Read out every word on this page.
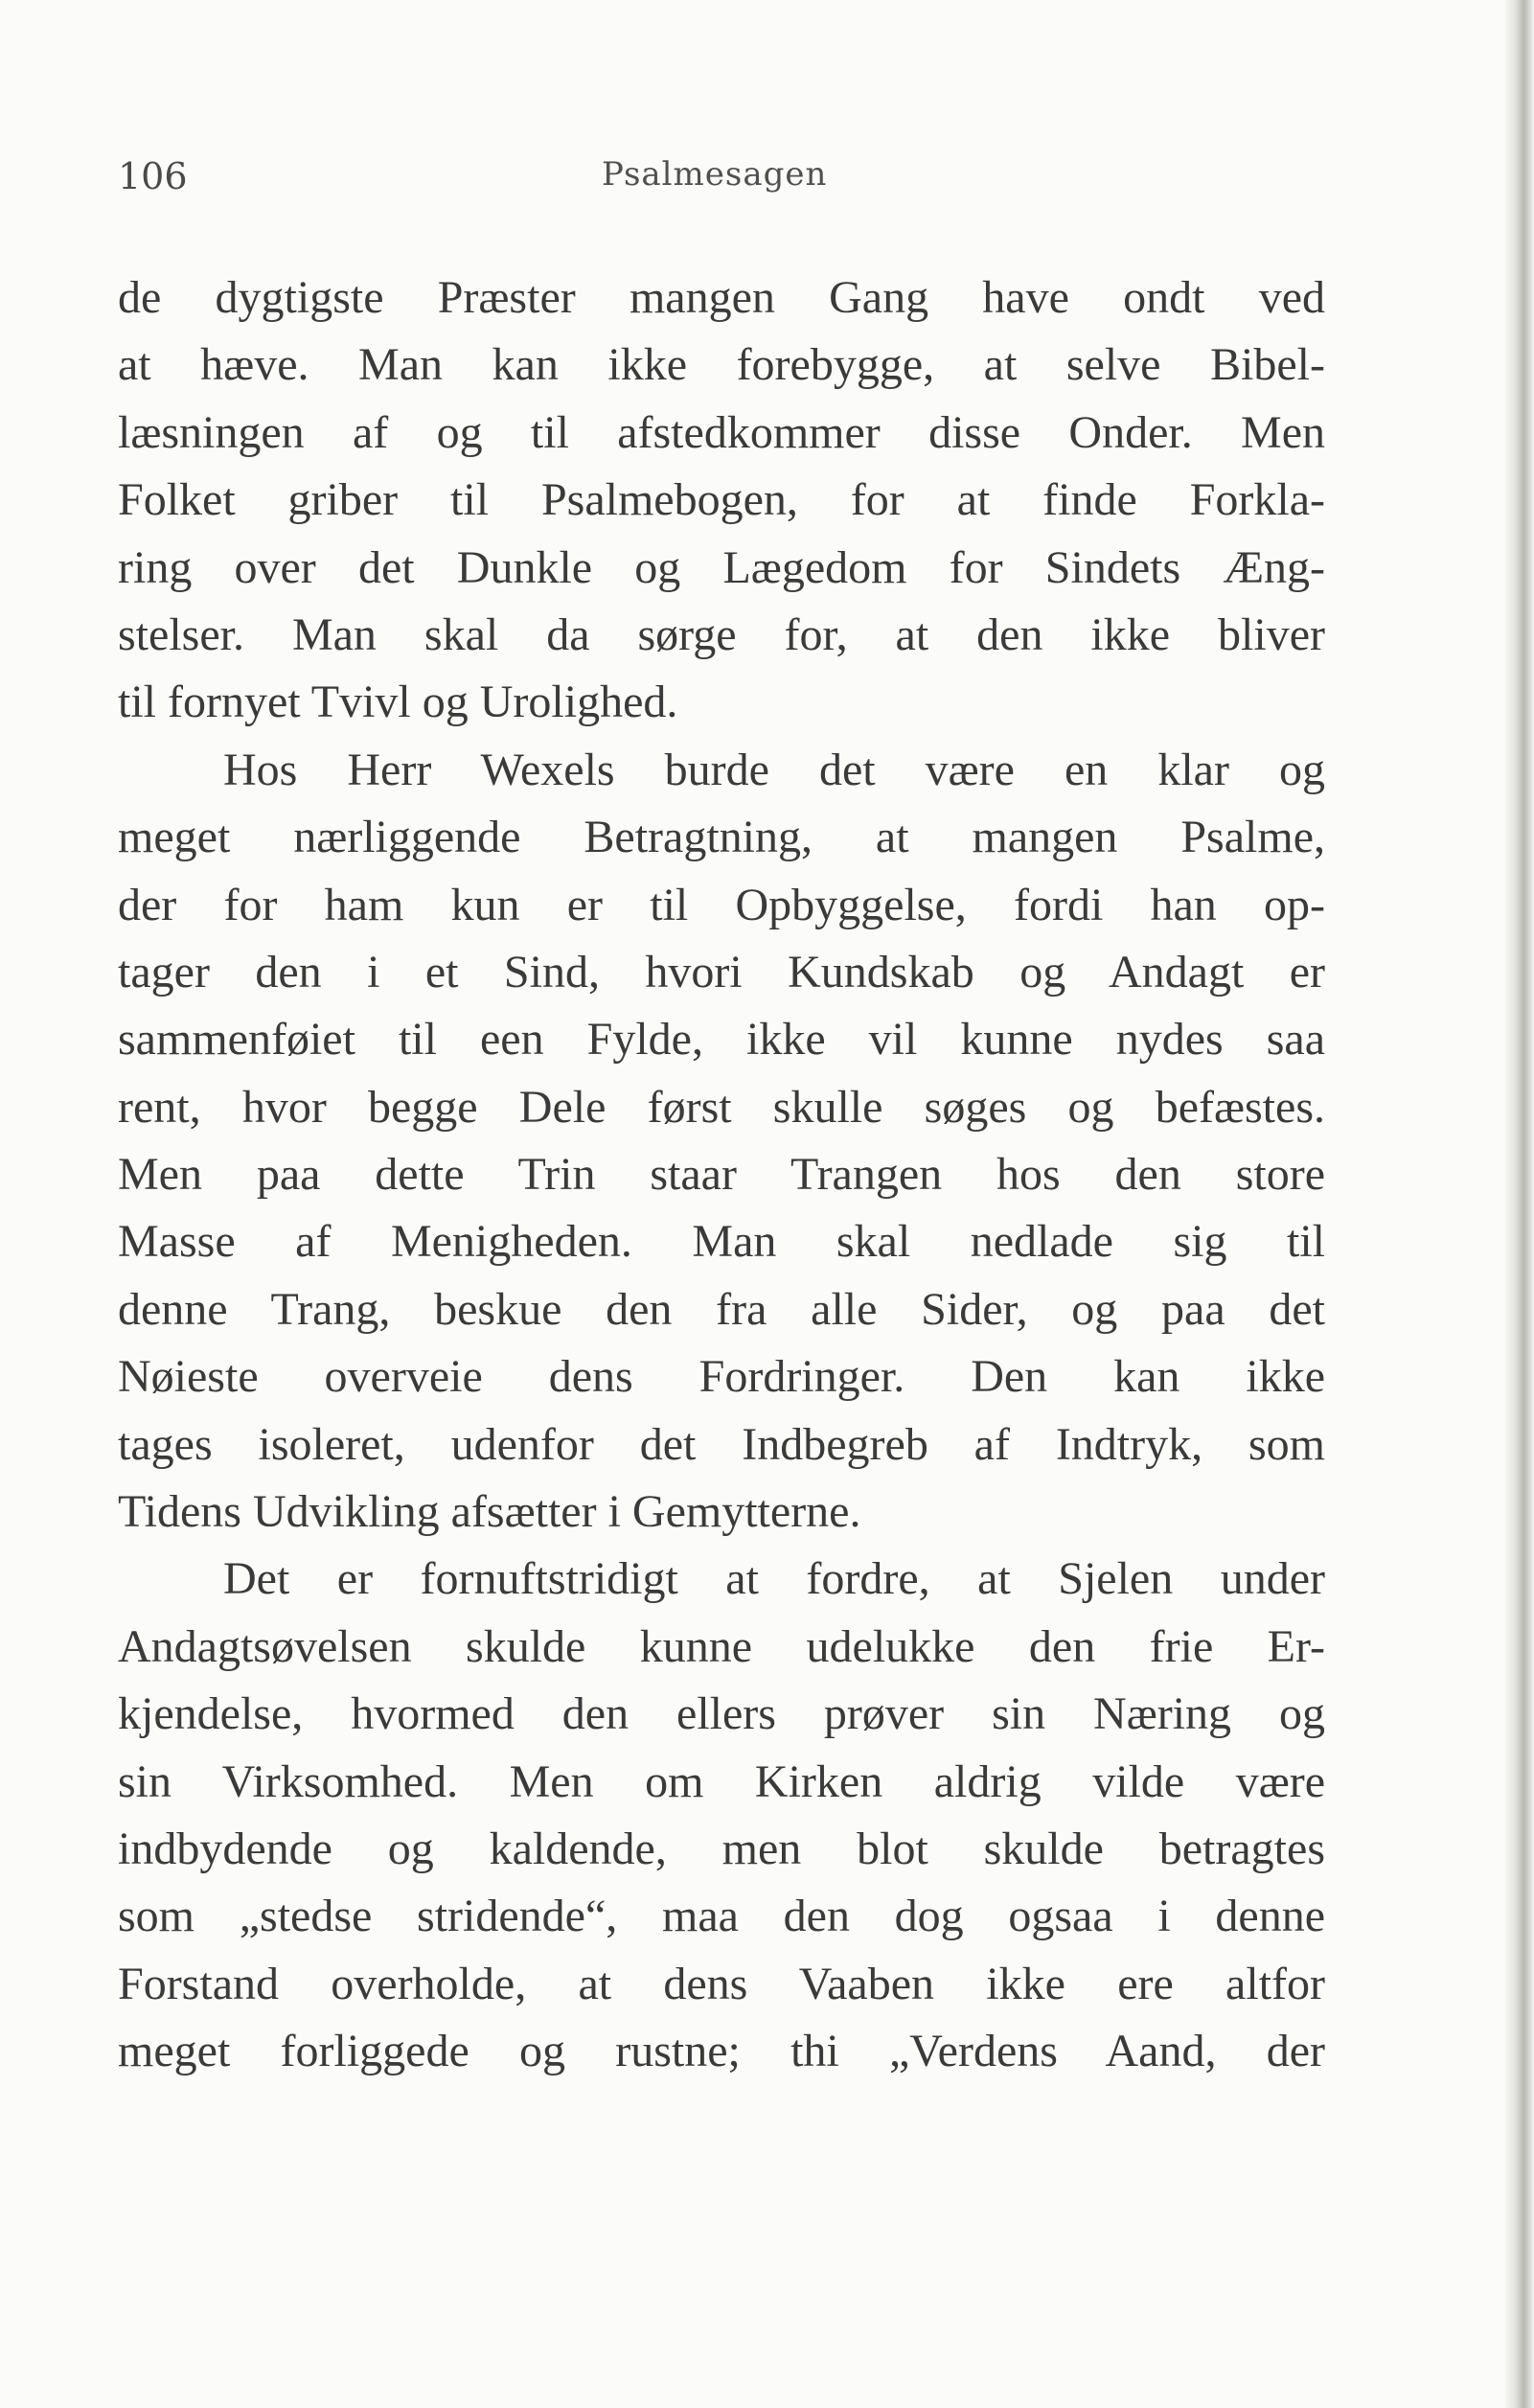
106	Psalmesagen
de dygtigste Præster mangen Gang have ondt ved
at hæve. Man kan ikke forebygge, at selve Bibel-
læsningen af og til afstedkommer disse Onder. Men
Folket griber til Psalmebogen, for at finde Forkla-
ring over det Dunkle og Lægedom for Sindets Æng-
stelser. Man skal da sørge for, at den ikke bliver
til fornyet Tvivl og Urolighed.
Hos Herr Wexels burde det være en klar og
meget nærliggende Betragtning, at mangen Psalme,
der for ham kun er til Opbyggelse, fordi han op-
tager den i et Sind, hvori Kundskab og Andagt er
sammenføiet til een Fylde, ikke vil kunne nydes saa
rent, hvor begge Dele først skulle søges og befæstes.
Men paa dette Trin staar Trangen hos den store
Masse af Menigheden. Man skal nedlade sig til
denne Trang, beskue den fra alle Sider, og paa det
Nøieste overveie dens Fordringer. Den kan ikke
tages isoleret, udenfor det Indbegreb af Indtryk, som
Tidens Udvikling afsætter i Gemytterne.
Det er fornuftstridigt at fordre, at Sjelen under
Andagtsøvelsen skulde kunne udelukke den frie Er-
kjendelse, hvormed den ellers prøver sin Næring og
sin Virksomhed. Men om Kirken aldrig vilde være
indbydende og kaldende, men blot skulde betragtes
som „stedse stridende“, maa den dog ogsaa i denne
Forstand overholde, at dens Vaaben ikke ere altfor
meget forliggede og rustne; thi „Verdens Aand, der
